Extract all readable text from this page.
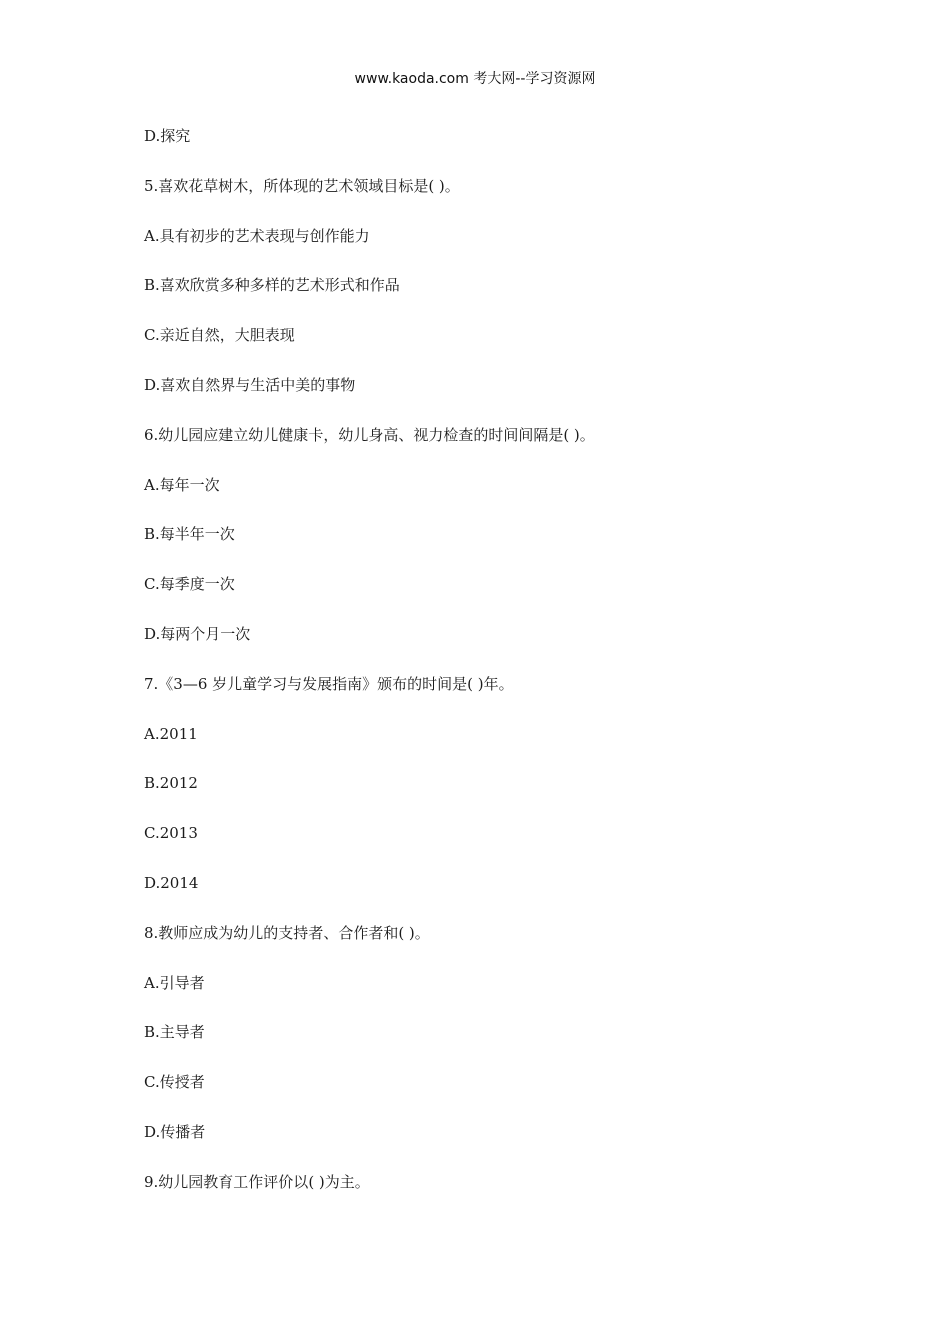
www.kaoda.com 考大网--学习资源网
D.探究
5.喜欢花草树木，所体现的艺术领域目标是( )。
A.具有初步的艺术表现与创作能力
B.喜欢欣赏多种多样的艺术形式和作品
C.亲近自然，大胆表现
D.喜欢自然界与生活中美的事物
6.幼儿园应建立幼儿健康卡，幼儿身高、视力检查的时间间隔是( )。
A.每年一次
B.每半年一次
C.每季度一次
D.每两个月一次
7.《3—6 岁儿童学习与发展指南》颁布的时间是( )年。
A.2011
B.2012
C.2013
D.2014
8.教师应成为幼儿的支持者、合作者和( )。
A.引导者
B.主导者
C.传授者
D.传播者
9.幼儿园教育工作评价以( )为主。
